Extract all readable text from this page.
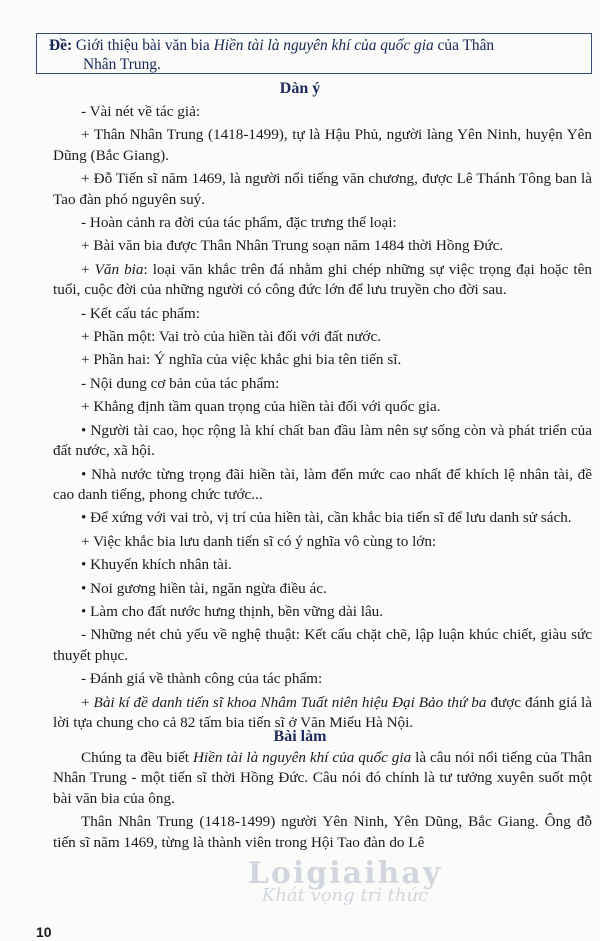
Đề: Giới thiệu bài văn bia Hiền tài là nguyên khí của quốc gia của Thân
Nhân Trung.
Dàn ý

- Vài nét về tác giả:

+ Thân Nhân Trung (1418-1499), tự là Hậu Phủ, người làng Yên Ninh, huyện Yên Dũng (Bắc Giang).

+ Đỗ Tiến sĩ năm 1469, là người nổi tiếng văn chương, được Lê Thánh Tông ban là Tao đàn phó nguyên suý.

- Hoàn cảnh ra đời của tác phẩm, đặc trưng thể loại:

+ Bài văn bia được Thân Nhân Trung soạn năm 1484 thời Hồng Đức.

+ Văn bia: loại văn khắc trên đá nhằm ghi chép những sự việc trọng đại hoặc tên tuổi, cuộc đời của những người có công đức lớn để lưu truyền cho đời sau.

- Kết cấu tác phẩm:

+ Phần một: Vai trò của hiền tài đối với đất nước.

+ Phần hai: Ý nghĩa của việc khắc ghi bia tên tiến sĩ.

- Nội dung cơ bản của tác phẩm:

+ Khẳng định tầm quan trọng của hiền tài đối với quốc gia.

• Người tài cao, học rộng là khí chất ban đầu làm nên sự sống còn và phát triển của đất nước, xã hội.

• Nhà nước từng trọng đãi hiền tài, làm đến mức cao nhất để khích lệ nhân tài, đề cao danh tiếng, phong chức tước...

• Để xứng với vai trò, vị trí của hiền tài, cần khắc bia tiến sĩ để lưu danh sử sách.

+ Việc khắc bia lưu danh tiến sĩ có ý nghĩa vô cùng to lớn:

• Khuyến khích nhân tài.

• Noi gương hiền tài, ngăn ngừa điều ác.

• Làm cho đất nước hưng thịnh, bền vững dài lâu.

- Những nét chủ yếu về nghệ thuật: Kết cấu chặt chẽ, lập luận khúc chiết, giàu sức thuyết phục.

- Đánh giá về thành công của tác phẩm:

+ Bài kí đề danh tiến sĩ khoa Nhâm Tuất niên hiệu Đại Bảo thứ ba được đánh giá là lời tựa chung cho cả 82 tấm bia tiến sĩ ở Văn Miếu Hà Nội.

Bài làm

Chúng ta đều biết Hiền tài là nguyên khí của quốc gia là câu nói nổi tiếng của Thân Nhân Trung - một tiến sĩ thời Hồng Đức. Câu nói đó chính là tư tưởng xuyên suốt một bài văn bia của ông.

Thân Nhân Trung (1418-1499) người Yên Ninh, Yên Dũng, Bắc Giang. Ông đỗ tiến sĩ năm 1469, từng là thành viên trong Hội Tao đàn do Lê

10
Loigiaihay
Khát vọng tri thức
